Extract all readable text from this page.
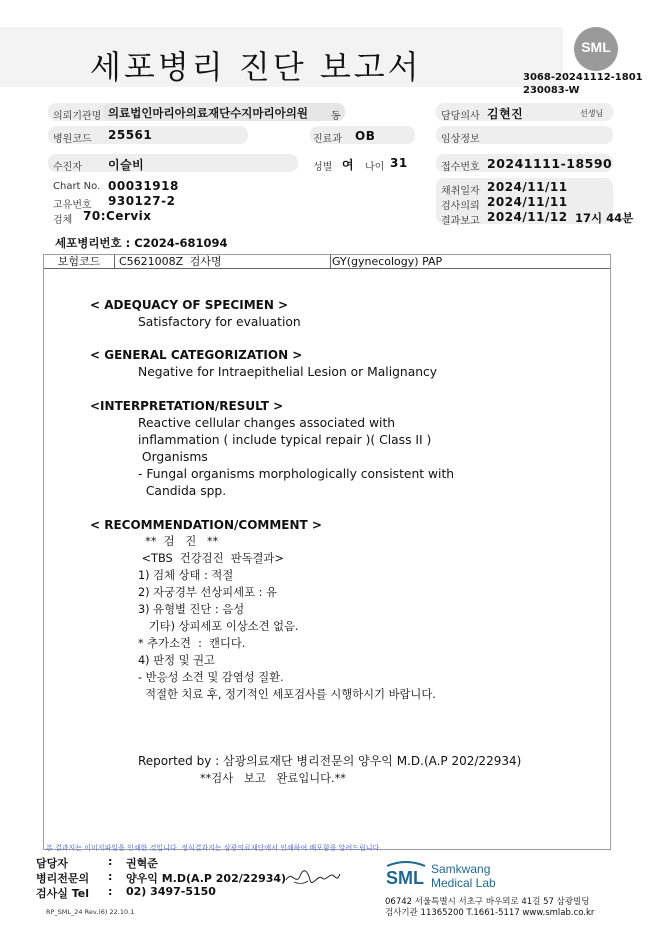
세포병리 진단 보고서
SML
3068-20241112-1801
230083-W
의뢰기관명 의료법인마리아의료재단수지마리아의원 동	담당의사 김현진	선생님
병원코드 25561	진료과 OB	임상정보
수진자 이슬비	성별 여 나이 31	접수번호 20241111-18590
Chart No. 00031918
고유번호 930127-2
검체 70:Cervix
채취일자 2024/11/11
검사의뢰 2024/11/11
결과보고 2024/11/12 17시 44분
세포병리번호 : C2024-681094
보험코드	C5621008Z 검사명	GY(gynecology) PAP
< ADEQUACY OF SPECIMEN >
Satisfactory for evaluation
< GENERAL CATEGORIZATION >
Negative for Intraepithelial Lesion or Malignancy
<INTERPRETATION/RESULT >
Reactive cellular changes associated with
inflammation ( include typical repair )( Class II )
Organisms
- Fungal organisms morphologically consistent with
Candida spp.
< RECOMMENDATION/COMMENT >
**  검   진   **
<TBS  건강검진  판독결과>
1) 검체 상태 : 적절
2) 자궁경부 선상피세포 : 유
3) 유형별 진단 : 음성
기타) 상피세포 이상소견 없음.
* 추가소견  :  캔디다.
4) 판정 및 권고
- 반응성 소견 및 감염성 질환.
적절한 치료 후, 정기적인 세포검사를 시행하시기 바랍니다.
Reported by : 삼광의료재단 병리전문의 양우익 M.D.(A.P 202/22934)
**검사   보고   완료입니다.**
본 결과지는 이미지파일을 인쇄한 것입니다. 정식결과지는 삼광의료재단에서 인쇄하여 배포함을 알려드립니다.
담당자	: 권혁준
병리전문의 : 양우익 M.D(A.P 202/22934)
검사실 Tel : 02) 3497-5150
SML Samkwang
Medical Lab
06742 서울특별시 서초구 바우뫼로 41길 57 삼광빌딩
검사기관 11365200 T.1661-5117 www.smlab.co.kr
RP_SML_24 Rev.(6) 22.10.1
